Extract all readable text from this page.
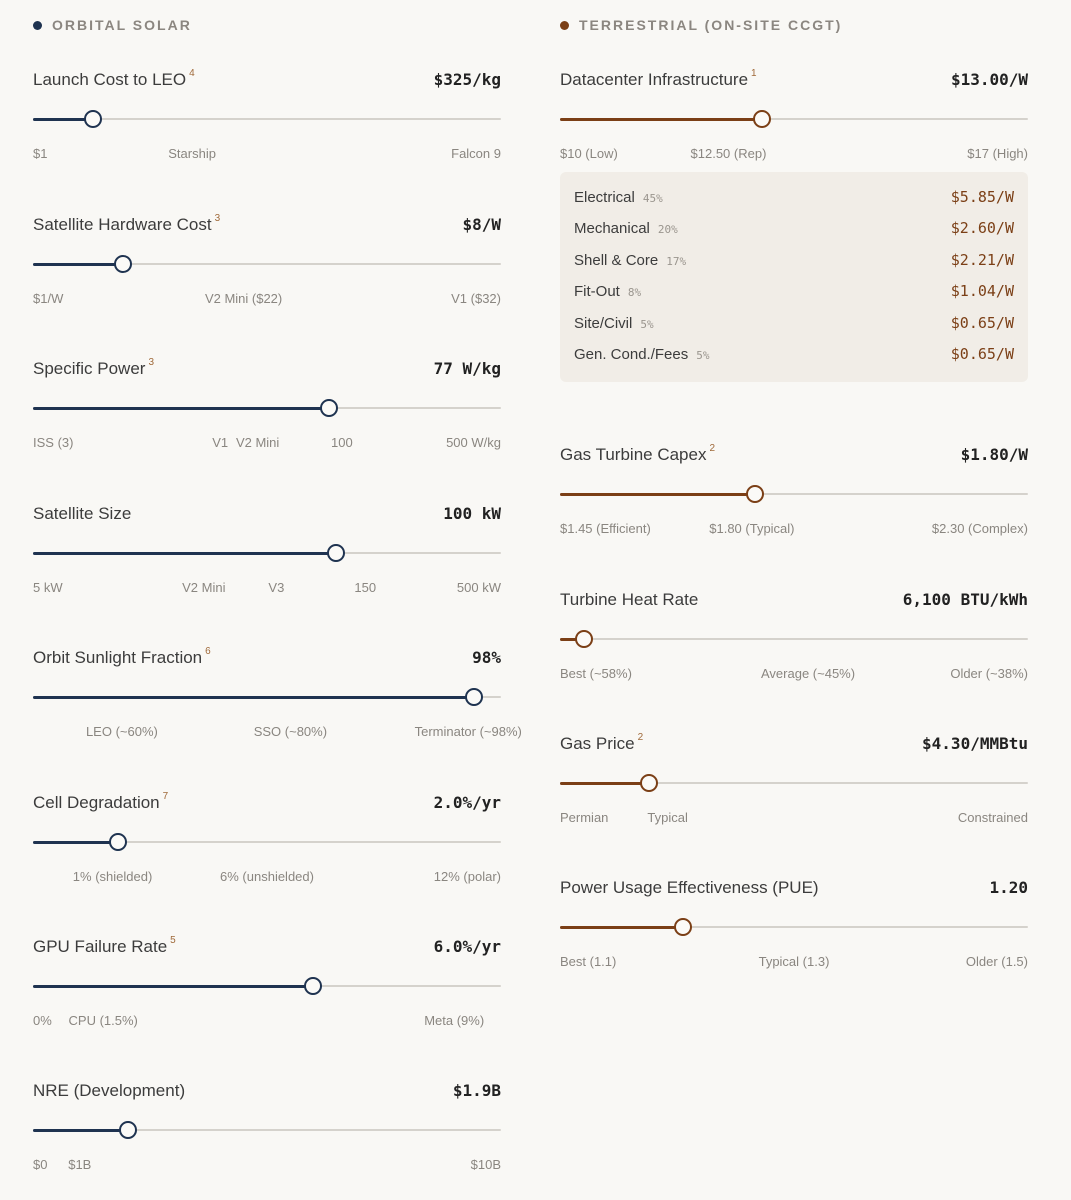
ORBITAL SOLAR
Launch Cost to LEO $^4$	$325/kg
$1	Starship	Falcon 9
Satellite Hardware Cost $^3$	$8/W
$1/W	V2 Mini ($22)	V1 ($32)
Specific Power $^3$	77 W/kg
ISS (3)	V1 V2 Mini	100	500 W/kg
Satellite Size	100 kW
5 kW	V2 Mini	V3	150	500 kW
Orbit Sunlight Fraction $^6$	98%
LEO (~60%)	SSO (~80%)	Terminator (~98%)
Cell Degradation $^7$	2.0%/yr
1% (shielded)	6% (unshielded)	12% (polar)
GPU Failure Rate $^5$	6.0%/yr
0% CPU (1.5%)	Meta (9%)
NRE (Development)	$1.9B
$0 $1B	$10B
TERRESTRIAL (ON-SITE CCGT)
Datacenter Infrastructure $^1$	$13.00/W
$10 (Low)	$12.50 (Rep)	$17 (High)
Gas Turbine Capex $^2$	$1.80/W
$1.45 (Efficient)	$1.80 (Typical)	$2.30 (Complex)
Turbine Heat Rate	6,100 BTU/kWh
Best (~58%)	Average (~45%)	Older (~38%)
Gas Price $^2$	$4.30/MMBtu
Permian	Typical	Constrained
Power Usage Effectiveness (PUE)	1.20
Best (1.1)	Typical (1.3)	Older (1.5)
Electrical 45%	$5.85/W
Mechanical 20%	$2.60/W
Shell & Core 17%	$2.21/W
Fit-Out 8%	$1.04/W
Site/Civil 5%	$0.65/W
Gen. Cond./Fees 5%	$0.65/W
